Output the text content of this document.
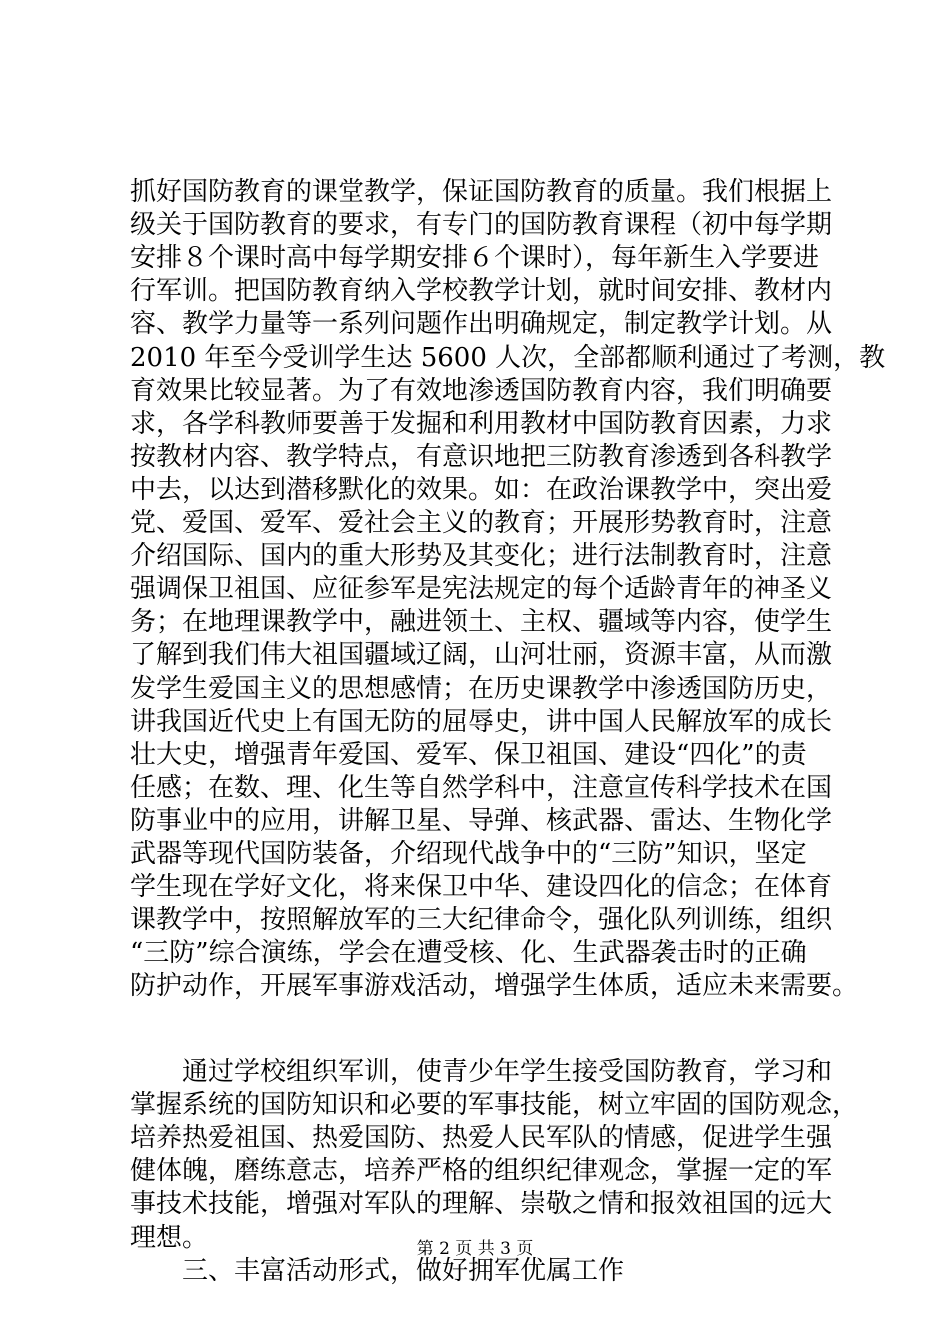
抓好国防教育的课堂教学，保证国防教育的质量。我们根据上
级关于国防教育的要求，有专门的国防教育课程（初中每学期
安排８个课时高中每学期安排６个课时），每年新生入学要进
行军训。把国防教育纳入学校教学计划，就时间安排、教材内
容、教学力量等一系列问题作出明确规定，制定教学计划。从
2010 年至今受训学生达 5600 人次，全部都顺利通过了考测，教
育效果比较显著。为了有效地渗透国防教育内容，我们明确要
求，各学科教师要善于发掘和利用教材中国防教育因素，力求
按教材内容、教学特点，有意识地把三防教育渗透到各科教学
中去，以达到潜移默化的效果。如：在政治课教学中，突出爱
党、爱国、爱军、爱社会主义的教育；开展形势教育时，注意
介绍国际、国内的重大形势及其变化；进行法制教育时，注意
强调保卫祖国、应征参军是宪法规定的每个适龄青年的神圣义
务；在地理课教学中，融进领土、主权、疆域等内容，使学生
了解到我们伟大祖国疆域辽阔，山河壮丽，资源丰富，从而激
发学生爱国主义的思想感情；在历史课教学中渗透国防历史，
讲我国近代史上有国无防的屈辱史，讲中国人民解放军的成长
壮大史，增强青年爱国、爱军、保卫祖国、建设“四化”的责
任感；在数、理、化生等自然学科中，注意宣传科学技术在国
防事业中的应用，讲解卫星、导弹、核武器、雷达、生物化学
武器等现代国防装备，介绍现代战争中的“三防”知识，坚定
学生现在学好文化，将来保卫中华、建设四化的信念；在体育
课教学中，按照解放军的三大纪律命令，强化队列训练，组织
“三防”综合演练，学会在遭受核、化、生武器袭击时的正确
防护动作，开展军事游戏活动，增强学生体质，适应未来需要。
通过学校组织军训，使青少年学生接受国防教育，学习和
掌握系统的国防知识和必要的军事技能，树立牢固的国防观念，
培养热爱祖国、热爱国防、热爱人民军队的情感，促进学生强
健体魄，磨练意志，培养严格的组织纪律观念，掌握一定的军
事技术技能，增强对军队的理解、崇敬之情和报效祖国的远大
理想。
三、丰富活动形式，做好拥军优属工作
第 2 页 共 3 页
